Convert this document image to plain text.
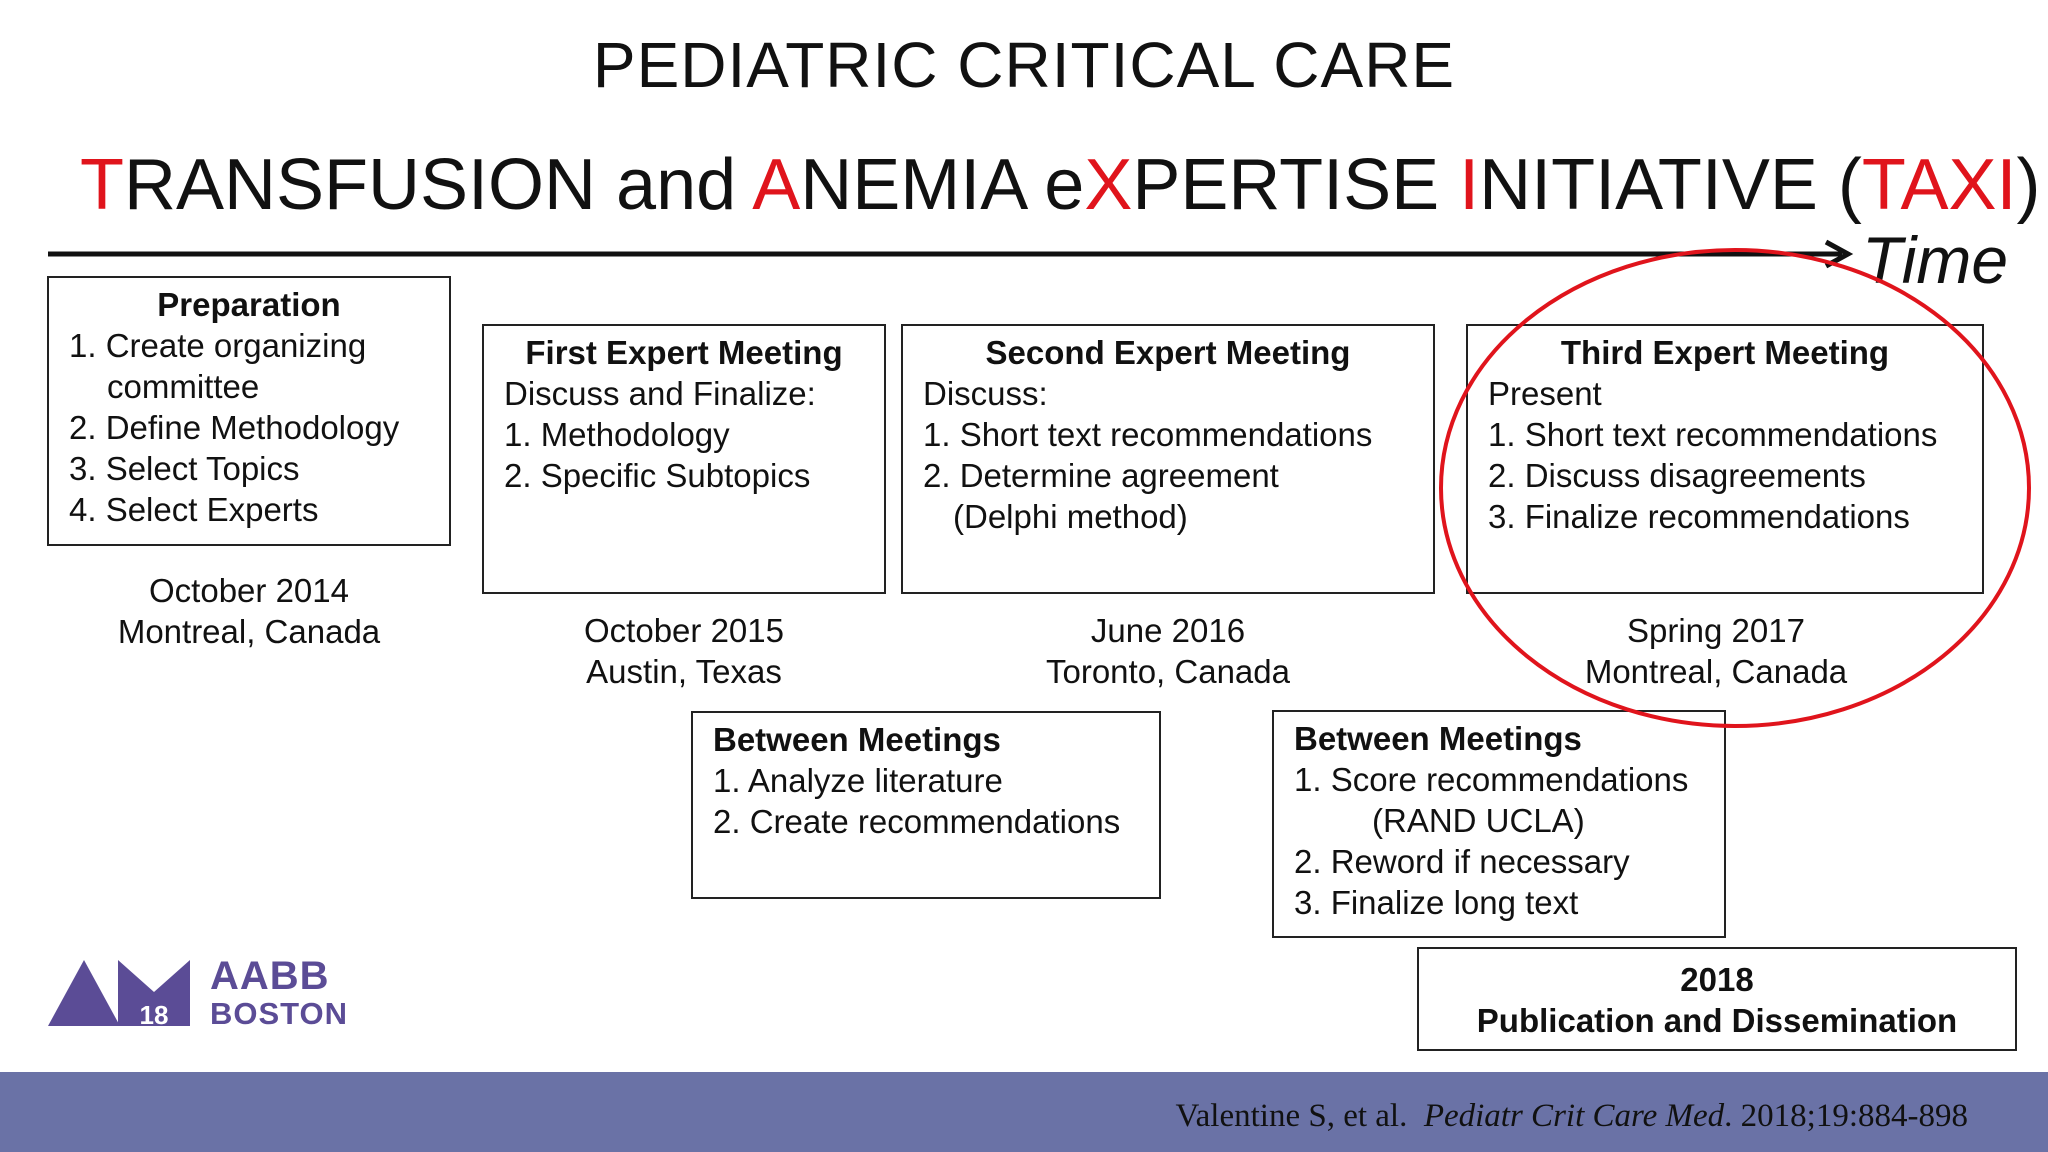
PEDIATRIC CRITICAL CARE
TRANSFUSION and ANEMIA eXPERTISE INITIATIVE (TAXI)
Time
Preparation
1. Create organizing
committee
2. Define Methodology
3. Select Topics
4. Select Experts
October 2014
Montreal, Canada
First Expert Meeting
Discuss and Finalize:
1. Methodology
2. Specific Subtopics
October 2015
Austin, Texas
Second Expert Meeting
Discuss:
1. Short text recommendations
2. Determine agreement
(Delphi method)
June 2016
Toronto, Canada
Third Expert Meeting
Present
1. Short text recommendations
2. Discuss disagreements
3. Finalize recommendations
Spring 2017
Montreal, Canada
Between Meetings
1. Analyze literature
2. Create recommendations
Between Meetings
1. Score recommendations
(RAND UCLA)
2. Reword if necessary
3. Finalize long text
2018
Publication and Dissemination
18
AABB
BOSTON
Valentine S, et al. Pediatr Crit Care Med. 2018;19:884-898
